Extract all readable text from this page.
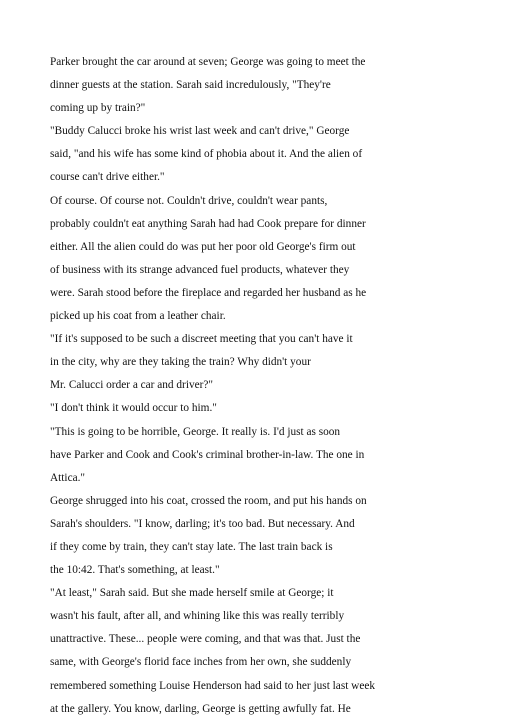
Parker brought the car around at seven; George was going to meet the
dinner guests at the station. Sarah said incredulously, "They're
coming up by train?"
"Buddy Calucci broke his wrist last week and can't drive," George
said, "and his wife has some kind of phobia about it. And the alien of
course can't drive either."
Of course. Of course not. Couldn't drive, couldn't wear pants,
probably couldn't eat anything Sarah had had Cook prepare for dinner
either. All the alien could do was put her poor old George's firm out
of business with its strange advanced fuel products, whatever they
were. Sarah stood before the fireplace and regarded her husband as he
picked up his coat from a leather chair.
"If it's supposed to be such a discreet meeting that you can't have it
in the city, why are they taking the train? Why didn't your
Mr. Calucci order a car and driver?"
"I don't think it would occur to him."
"This is going to be horrible, George. It really is. I'd just as soon
have Parker and Cook and Cook's criminal brother-in-law. The one in
Attica."
George shrugged into his coat, crossed the room, and put his hands on
Sarah's shoulders. "I know, darling; it's too bad. But necessary. And
if they come by train, they can't stay late. The last train back is
the 10:42. That's something, at least."
"At least," Sarah said. But she made herself smile at George; it
wasn't his fault, after all, and whining like this was really terribly
unattractive. These... people were coming, and that was that. Just the
same, with George's florid face inches from her own, she suddenly
remembered something Louise Henderson had said to her just last week
at the gallery. You know, darling, George is getting awfully fat. He
